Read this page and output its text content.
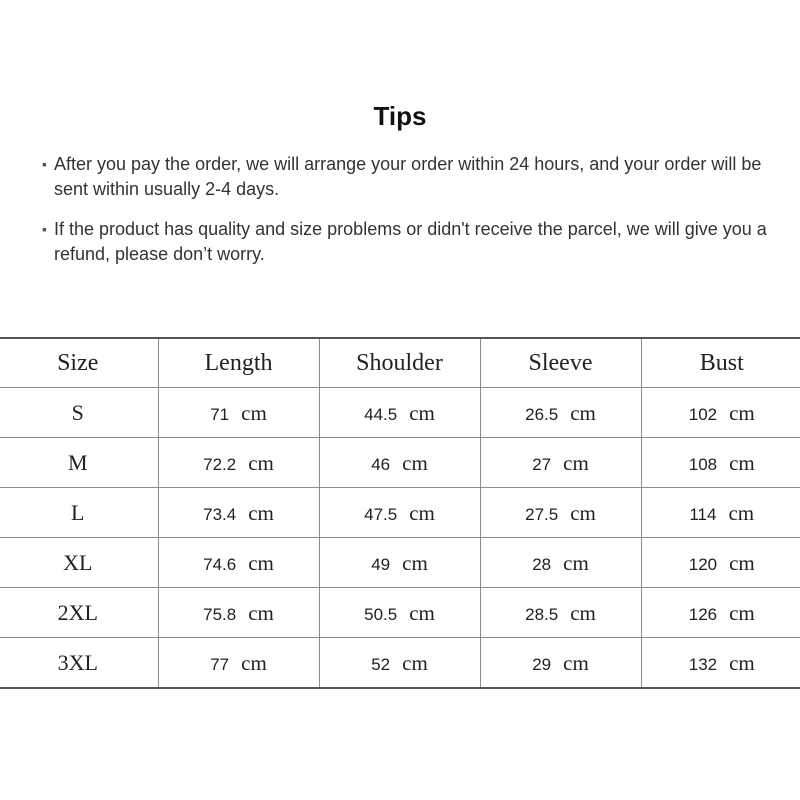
Tips
▪ After you pay the order, we will arrange your order within 24 hours, and your order will be sent within usually 2-4 days.
▪ If the product has quality and size problems or didn't receive the parcel, we will give you a refund, please don’t worry.
Size	Length	Shoulder	Sleeve	Bust
S	71 cm	44.5 cm	26.5 cm	102 cm
M	72.2 cm	46 cm	27 cm	108 cm
L	73.4 cm	47.5 cm	27.5 cm	114 cm
XL	74.6 cm	49 cm	28 cm	120 cm
2XL	75.8 cm	50.5 cm	28.5 cm	126 cm
3XL	77 cm	52 cm	29 cm	132 cm
